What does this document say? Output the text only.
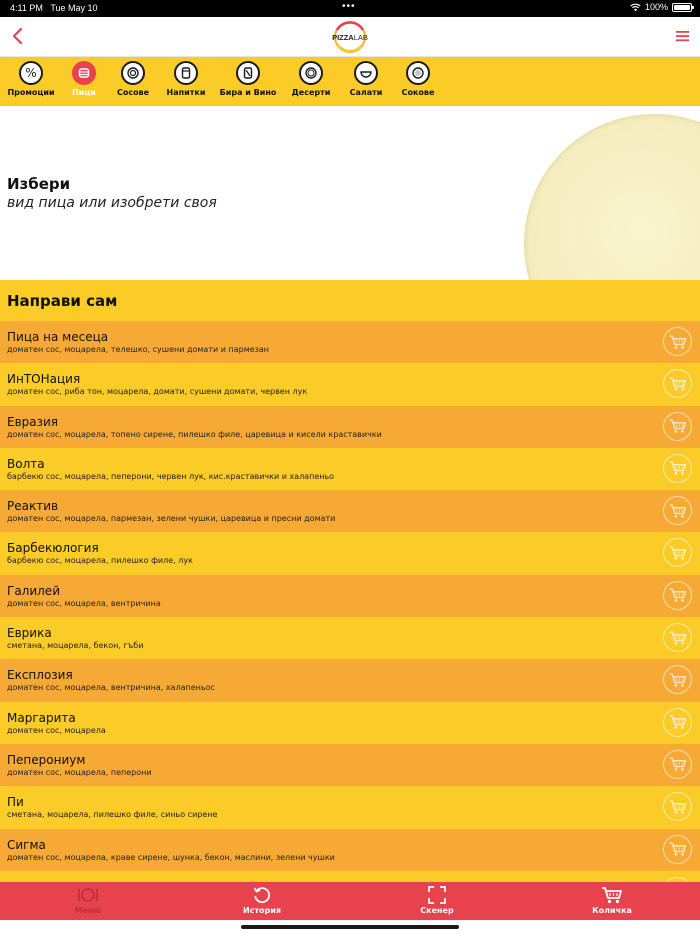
4:11 PM Tue May 10	•••	100%
PIZZALAB
%
Промоции Пици	Сосове Напитки Бира и Вино Десерти Салати Сокове
Избери
вид пица или изобрети своя
Направи сам
Пица на месеца
доматен сос, моцарела, телешко, сушени домати и пармезан
ИнТОНация
доматен сос, риба тон, моцарела, домати, сушени домати, червен лук
Евразия
доматен сос, моцарела, топено сирене, пилешко филе, царевица и кисели краставички
Волта
барбекю сос, моцарела, пеперони, червен лук, кис.краставички и халапеньо
Реактив
доматен сос, моцарела, пармезан, зелени чушки, царевица и пресни домати
Барбекюлогия
барбекю сос, моцарела, пилешко филе, лук
Галилей
доматен сос, моцарела, вентричина
Еврика
сметана, моцарела, бекон, гъби
Експлозия
доматен сос, моцарела, вентричина, халапеньос
Маргарита
доматен сос, моцарела
Пеперониум
доматен сос, моцарела, пеперони
Пи
сметана, моцарела, пилешко филе, синьо сирене
Сигма
доматен сос, моцарела, краве сирене, шунка, бекон, маслини, зелени чушки
Меню	История	Скенер	Количка
